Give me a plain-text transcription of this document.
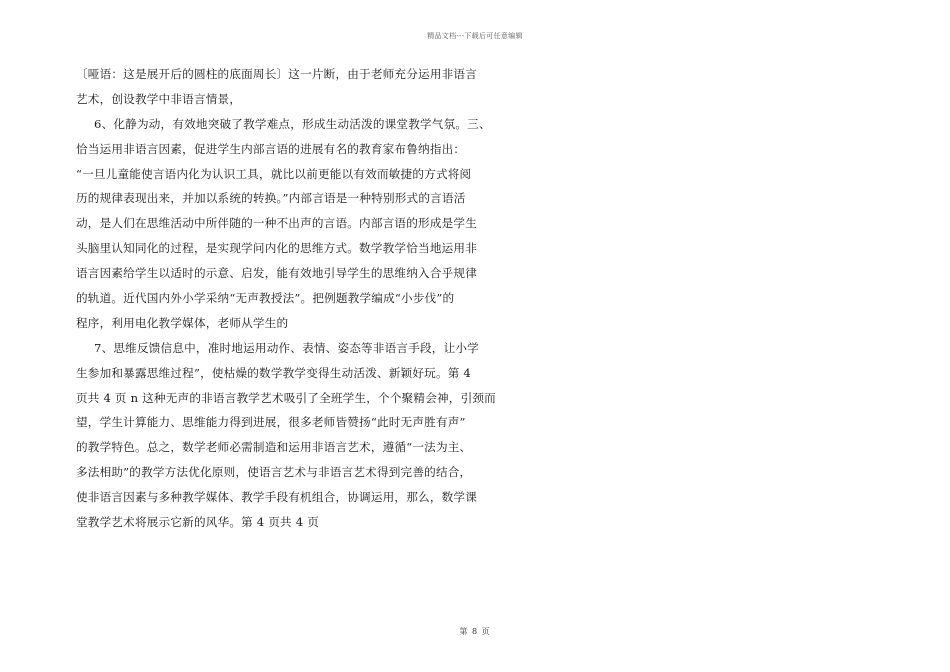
精品文档---下载后可任意编辑
〔哑语：这是展开后的圆柱的底面周长〕这一片断，由于老师充分运用非语言
艺术，创设教学中非语言情景，
6、化静为动，有效地突破了教学难点，形成生动活泼的课堂教学气氛。三、
恰当运用非语言因素，促进学生内部言语的进展有名的教育家布鲁纳指出：
“一旦儿童能使言语内化为认识工具，就比以前更能以有效而敏捷的方式将阅
历的规律表现出来，并加以系统的转换。”内部言语是一种特别形式的言语活
动，是人们在思维活动中所伴随的一种不出声的言语。内部言语的形成是学生
头脑里认知同化的过程，是实现学问内化的思维方式。数学教学恰当地运用非
语言因素给学生以适时的示意、启发，能有效地引导学生的思维纳入合乎规律
的轨道。近代国内外小学采纳“无声教授法”。把例题教学编成“小步伐”的
程序，利用电化教学媒体，老师从学生的
7、思维反馈信息中，准时地运用动作、表情、姿态等非语言手段，让小学
生参加和暴露思维过程”，使枯燥的数学教学变得生动活泼、新颖好玩。第 4
页共 4 页 n 这种无声的非语言教学艺术吸引了全班学生，个个聚精会神，引颈而
望，学生计算能力、思维能力得到进展，很多老师皆赞扬“此时无声胜有声”
的教学特色。总之，数学老师必需制造和运用非语言艺术，遵循“一法为主、
多法相助”的教学方法优化原则，使语言艺术与非语言艺术得到完善的结合，
使非语言因素与多种教学媒体、教学手段有机组合，协调运用，那么，数学课
堂教学艺术将展示它新的风华。第 4 页共 4 页
第 8 页
